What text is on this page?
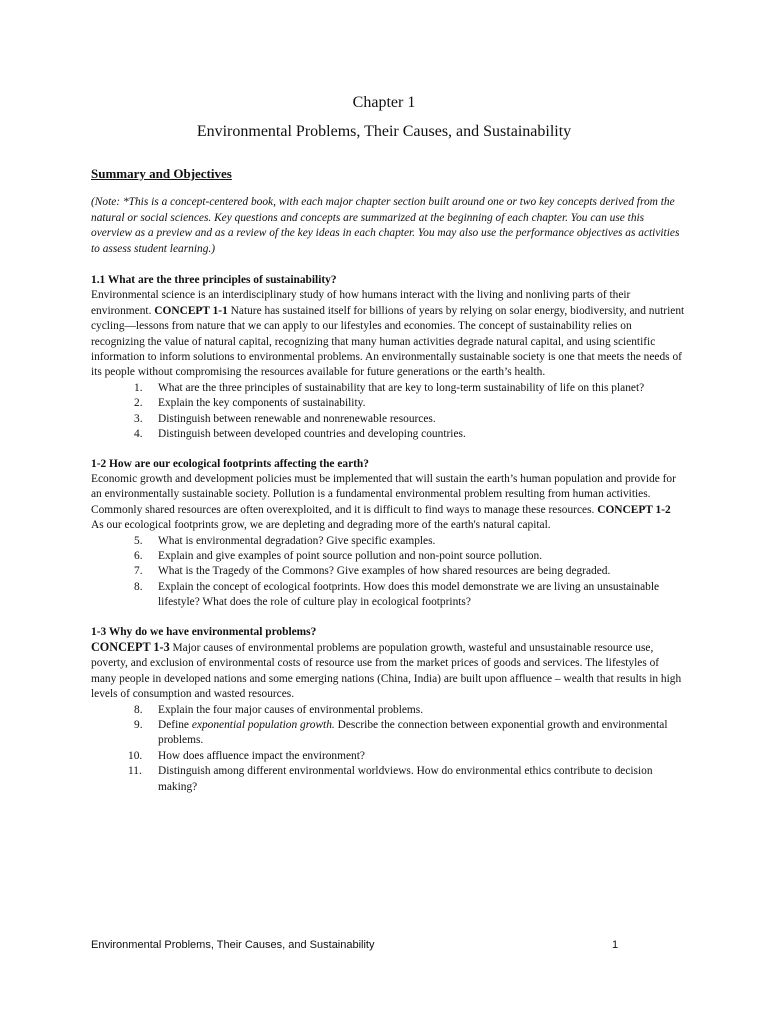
Chapter 1
Environmental Problems, Their Causes, and Sustainability
Summary and Objectives

(Note: *This is a concept-centered book, with each major chapter section built around one or two key concepts derived from the natural or social sciences. Key questions and concepts are summarized at the beginning of each chapter. You can use this overview as a preview and as a review of the key ideas in each chapter. You may also use the performance objectives as activities to assess student learning.)

1.1 What are the three principles of sustainability?

Environmental science is an interdisciplinary study of how humans interact with the living and nonliving parts of their environment. CONCEPT 1-1 Nature has sustained itself for billions of years by relying on solar energy, biodiversity, and nutrient cycling—lessons from nature that we can apply to our lifestyles and economies. The concept of sustainability relies on recognizing the value of natural capital, recognizing that many human activities degrade natural capital, and using scientific information to inform solutions to environmental problems. An environmentally sustainable society is one that meets the needs of its people without compromising the resources available for future generations or the earth’s health.

1.	What are the three principles of sustainability that are key to long-term sustainability of life on this planet?
2.	Explain the key components of sustainability.
3.	Distinguish between renewable and nonrenewable resources.
4.	Distinguish between developed countries and developing countries.

1-2 How are our ecological footprints affecting the earth?

Economic growth and development policies must be implemented that will sustain the earth’s human population and provide for an environmentally sustainable society. Pollution is a fundamental environmental problem resulting from human activities. Commonly shared resources are often overexploited, and it is difficult to find ways to manage these resources. CONCEPT 1-2 As our ecological footprints grow, we are depleting and degrading more of the earth's natural capital.

5.	What is environmental degradation? Give specific examples.
6.	Explain and give examples of point source pollution and non-point source pollution.
7.	What is the Tragedy of the Commons? Give examples of how shared resources are being degraded.
8.	Explain the concept of ecological footprints. How does this model demonstrate we are living an unsustainable lifestyle? What does the role of culture play in ecological footprints?

1-3 Why do we have environmental problems?

CONCEPT 1-3 Major causes of environmental problems are population growth, wasteful and unsustainable resource use, poverty, and exclusion of environmental costs of resource use from the market prices of goods and services. The lifestyles of many people in developed nations and some emerging nations (China, India) are built upon affluence – wealth that results in high levels of consumption and wasted resources.

8.	Explain the four major causes of environmental problems.
9.	Define exponential population growth. Describe the connection between exponential growth and environmental problems.
10.	How does affluence impact the environment?
11.	Distinguish among different environmental worldviews. How do environmental ethics contribute to decision making?
Environmental Problems, Their Causes, and Sustainability	1
